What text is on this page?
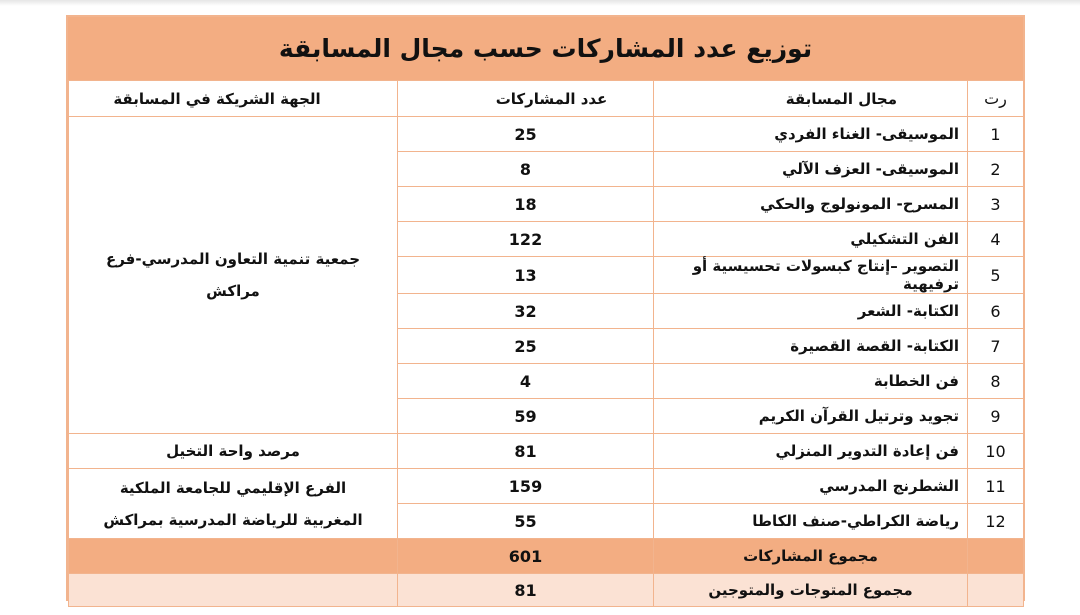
توزيع عدد المشاركات حسب مجال المسابقة
رت	مجال المسابقة	عدد المشاركات	الجهة الشريكة في المسابقة
1	الموسيقى- الغناء الفردي	25	جمعية تنمية التعاون المدرسي-فرع مراكش
2	الموسيقى- العزف الآلي	8	
3	المسرح- المونولوج والحكي	18	
4	الفن التشكيلي	122	
5	التصوير –إنتاج كبسولات تحسيسية أو ترفيهية	13	
6	الكتابة- الشعر	32	
7	الكتابة- القصة القصيرة	25	
8	فن الخطابة	4	
9	تجويد وترتيل القرآن الكريم	59	
10	فن إعادة التدوير المنزلي	81	مرصد واحة التخيل
11	الشطرنج المدرسي	159	الفرع الإقليمي للجامعة الملكية
المغربية للرياضة المدرسية بمراكش

12	رياضة الكراطي-صنف الكاطا	55	
	مجموع المشاركات	601	
	مجموع المتوجات والمتوجين	81	
